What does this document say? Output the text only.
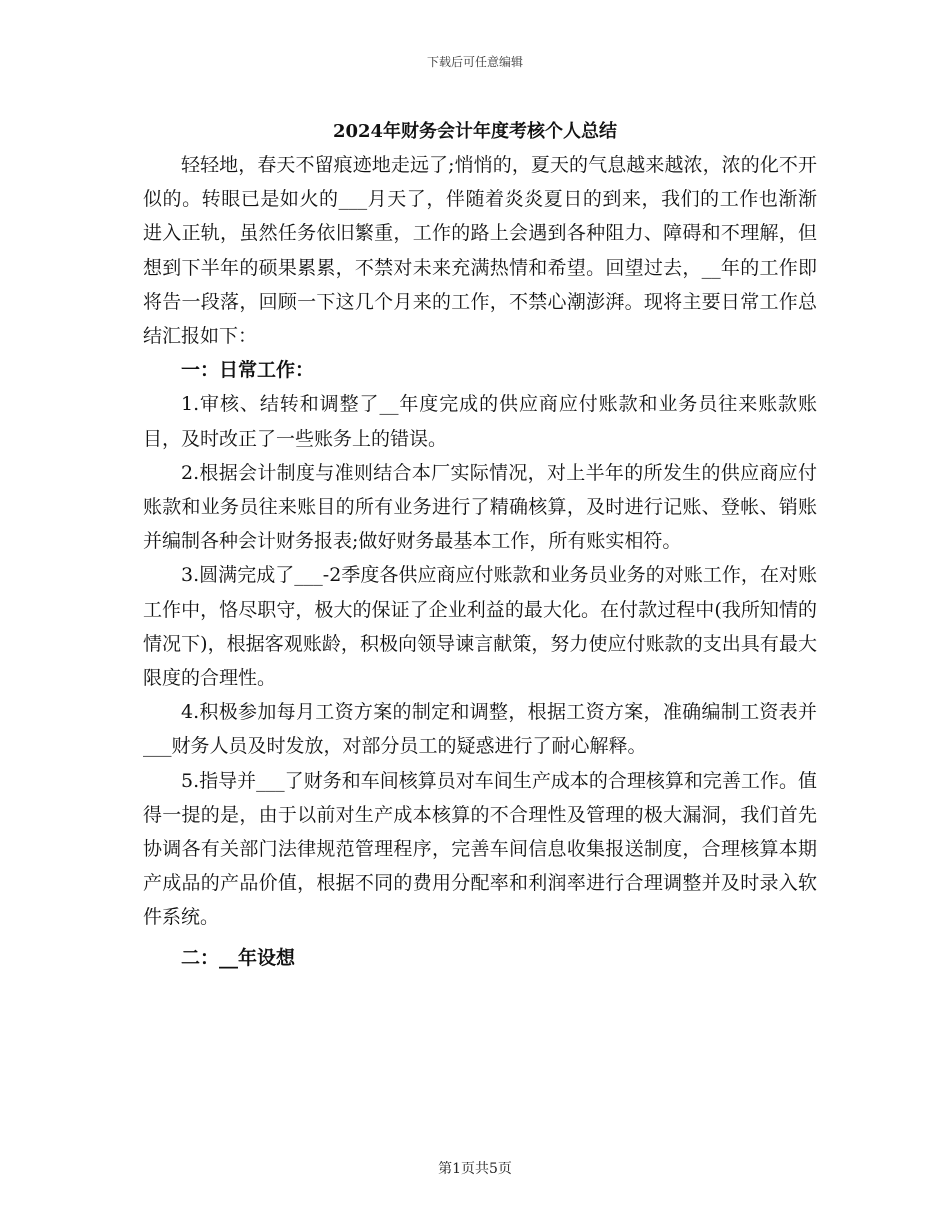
下载后可任意编辑
2024年财务会计年度考核个人总结

轻轻地，春天不留痕迹地走远了;悄悄的，夏天的气息越来越浓，浓的化不开似的。转眼已是如火的___月天了，伴随着炎炎夏日的到来，我们的工作也渐渐进入正轨，虽然任务依旧繁重，工作的路上会遇到各种阻力、障碍和不理解，但想到下半年的硕果累累，不禁对未来充满热情和希望。回望过去，__年的工作即将告一段落，回顾一下这几个月来的工作，不禁心潮澎湃。现将主要日常工作总结汇报如下：

一：日常工作：

1.审核、结转和调整了__年度完成的供应商应付账款和业务员往来账款账目，及时改正了一些账务上的错误。

2.根据会计制度与准则结合本厂实际情况，对上半年的所发生的供应商应付账款和业务员往来账目的所有业务进行了精确核算，及时进行记账、登帐、销账并编制各种会计财务报表;做好财务最基本工作，所有账实相符。

3.圆满完成了___-2季度各供应商应付账款和业务员业务的对账工作，在对账工作中，恪尽职守，极大的保证了企业利益的最大化。在付款过程中(我所知情的情况下)，根据客观账龄，积极向领导谏言献策，努力使应付账款的支出具有最大限度的合理性。

4.积极参加每月工资方案的制定和调整，根据工资方案，准确编制工资表并___财务人员及时发放，对部分员工的疑惑进行了耐心解释。

5.指导并___了财务和车间核算员对车间生产成本的合理核算和完善工作。值得一提的是，由于以前对生产成本核算的不合理性及管理的极大漏洞，我们首先协调各有关部门法律规范管理程序，完善车间信息收集报送制度，合理核算本期产成品的产品价值，根据不同的费用分配率和利润率进行合理调整并及时录入软件系统。

二：__年设想

第1页共5页
